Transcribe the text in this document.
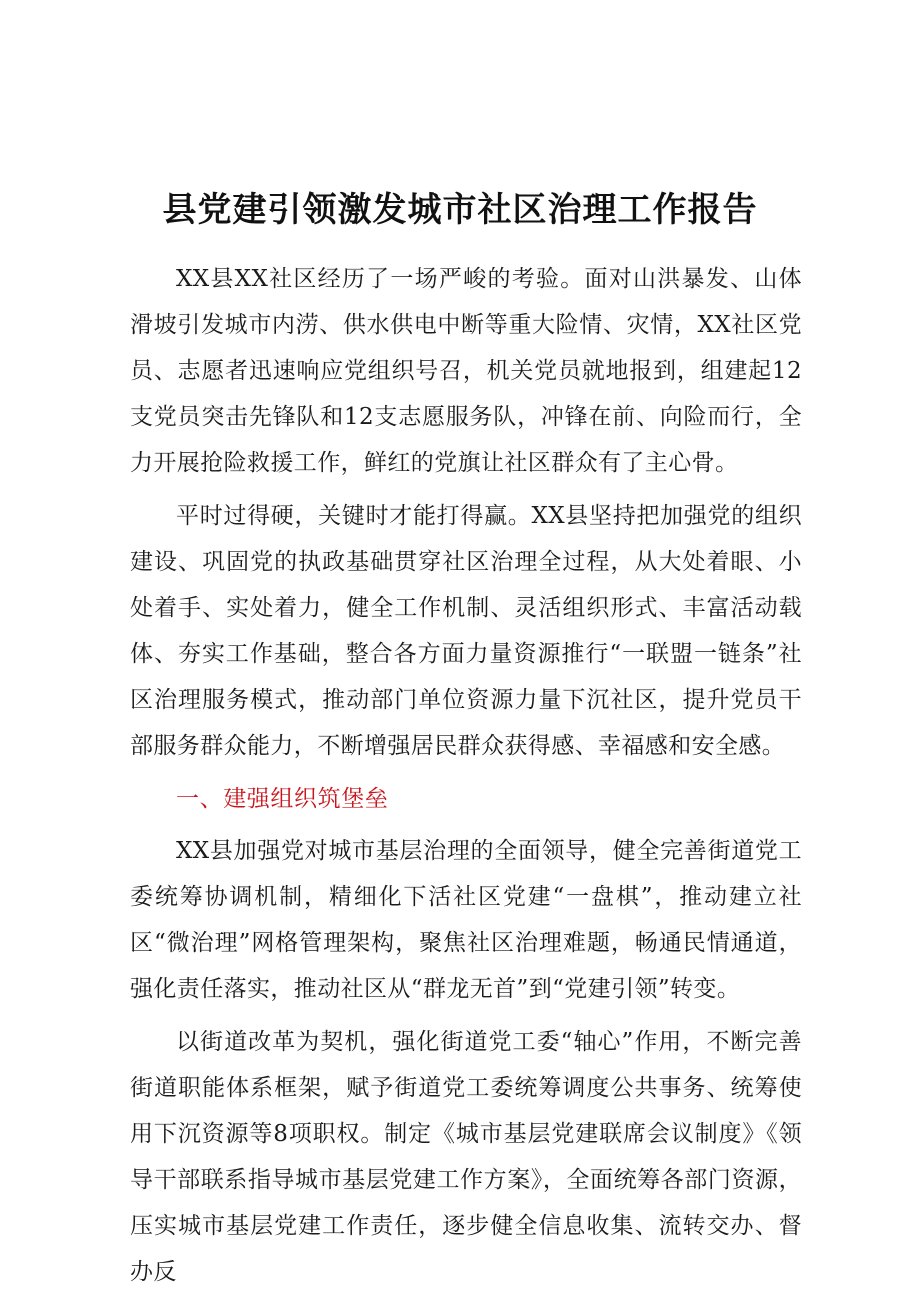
县党建引领激发城市社区治理工作报告

XX县XX社区经历了一场严峻的考验。面对山洪暴发、山体滑坡引发城市内涝、供水供电中断等重大险情、灾情，XX社区党员、志愿者迅速响应党组织号召，机关党员就地报到，组建起12支党员突击先锋队和12支志愿服务队，冲锋在前、向险而行，全力开展抢险救援工作，鲜红的党旗让社区群众有了主心骨。

平时过得硬，关键时才能打得赢。XX县坚持把加强党的组织建设、巩固党的执政基础贯穿社区治理全过程，从大处着眼、小处着手、实处着力，健全工作机制、灵活组织形式、丰富活动载体、夯实工作基础，整合各方面力量资源推行“一联盟一链条”社区治理服务模式，推动部门单位资源力量下沉社区，提升党员干部服务群众能力，不断增强居民群众获得感、幸福感和安全感。

一、建强组织筑堡垒

XX县加强党对城市基层治理的全面领导，健全完善街道党工委统筹协调机制，精细化下活社区党建“一盘棋”，推动建立社区“微治理”网格管理架构，聚焦社区治理难题，畅通民情通道，强化责任落实，推动社区从“群龙无首”到“党建引领”转变。

以街道改革为契机，强化街道党工委“轴心”作用，不断完善街道职能体系框架，赋予街道党工委统筹调度公共事务、统筹使用下沉资源等8项职权。制定《城市基层党建联席会议制度》《领导干部联系指导城市基层党建工作方案》，全面统筹各部门资源，压实城市基层党建工作责任，逐步健全信息收集、流转交办、督办反
